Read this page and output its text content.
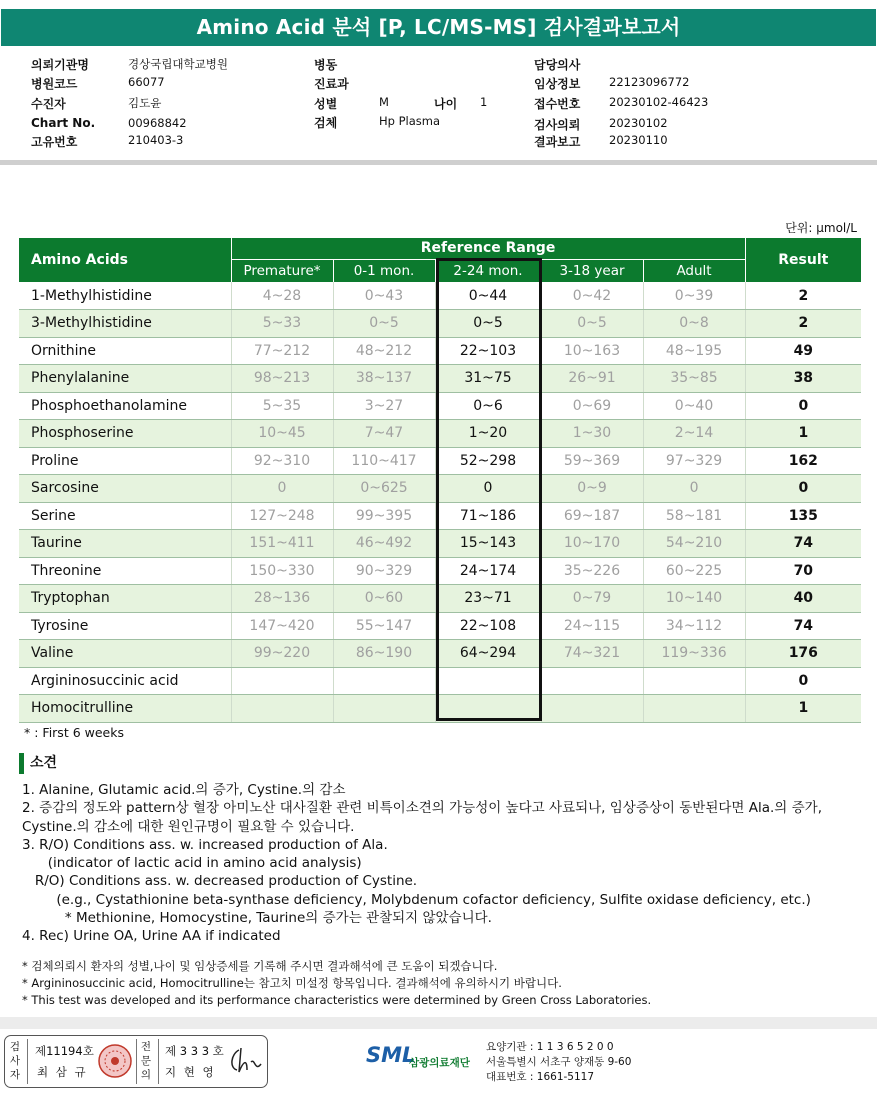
Amino Acid 분석 [P, LC/MS-MS] 검사결과보고서
의뢰기관명	경상국립대학교병원
병원코드	66077
수진자	김도윤
Chart No.	00968842
고유번호	210403-3
병동
진료과
성별	M	나이 1
검체	Hp Plasma
담당의사
임상정보 22123096772
접수번호 20230102-46423
검사의뢰 20230102
결과보고 20230110
단위: μmol/L
Amino Acids	Reference Range					Result
	Premature*	0-1 mon.	2-24 mon.	3-18 year	Adult	
1-Methylhistidine	4~28	0~43	0~44	0~42	0~39	2
3-Methylhistidine	5~33	0~5	0~5	0~5	0~8	2
Ornithine	77~212	48~212	22~103	10~163	48~195	49
Phenylalanine	98~213	38~137	31~75	26~91	35~85	38
Phosphoethanolamine	5~35	3~27	0~6	0~69	0~40	0
Phosphoserine	10~45	7~47	1~20	1~30	2~14	1
Proline	92~310	110~417	52~298	59~369	97~329	162
Sarcosine	0	0~625	0	0~9	0	0
Serine	127~248	99~395	71~186	69~187	58~181	135
Taurine	151~411	46~492	15~143	10~170	54~210	74
Threonine	150~330	90~329	24~174	35~226	60~225	70
Tryptophan	28~136	0~60	23~71	0~79	10~140	40
Tyrosine	147~420	55~147	22~108	24~115	34~112	74
Valine	99~220	86~190	64~294	74~321	119~336	176
Argininosuccinic acid						0
Homocitrulline						1
* : First 6 weeks
소견
1. Alanine, Glutamic acid.의 증가, Cystine.의 감소
2. 증감의 정도와 pattern상 혈장 아미노산 대사질환 관련 비특이소견의 가능성이 높다고 사료되나, 임상증상이 동반된다면 Ala.의 증가,
Cystine.의 감소에 대한 원인규명이 필요할 수 있습니다.
3. R/O) Conditions ass. w. increased production of Ala.
(indicator of lactic acid in amino acid analysis)
R/O) Conditions ass. w. decreased production of Cystine.
(e.g., Cystathionine beta-synthase deficiency, Molybdenum cofactor deficiency, Sulfite oxidase deficiency, etc.)
* Methionine, Homocystine, Taurine의 증가는 관찰되지 않았습니다.
4. Rec) Urine OA, Urine AA if indicated
* 검체의뢰시 환자의 성별,나이 및 임상증세를 기록해 주시면 결과해석에 큰 도움이 되겠습니다.
* Argininosuccinic acid, Homocitrulline는 참고치 미설정 항목입니다. 결과해석에 유의하시기 바랍니다.
* This test was developed and its performance characteristics were determined by Green Cross Laboratories.
검사자
제11194호
최 삼 규
전문의
제 3 3 3 호
지 현 영
SML
삼광의료재단
요양기관 : 1 1 3 6 5 2 0 0
서울특별시 서초구 양재동 9-60
대표번호 : 1661-5117
